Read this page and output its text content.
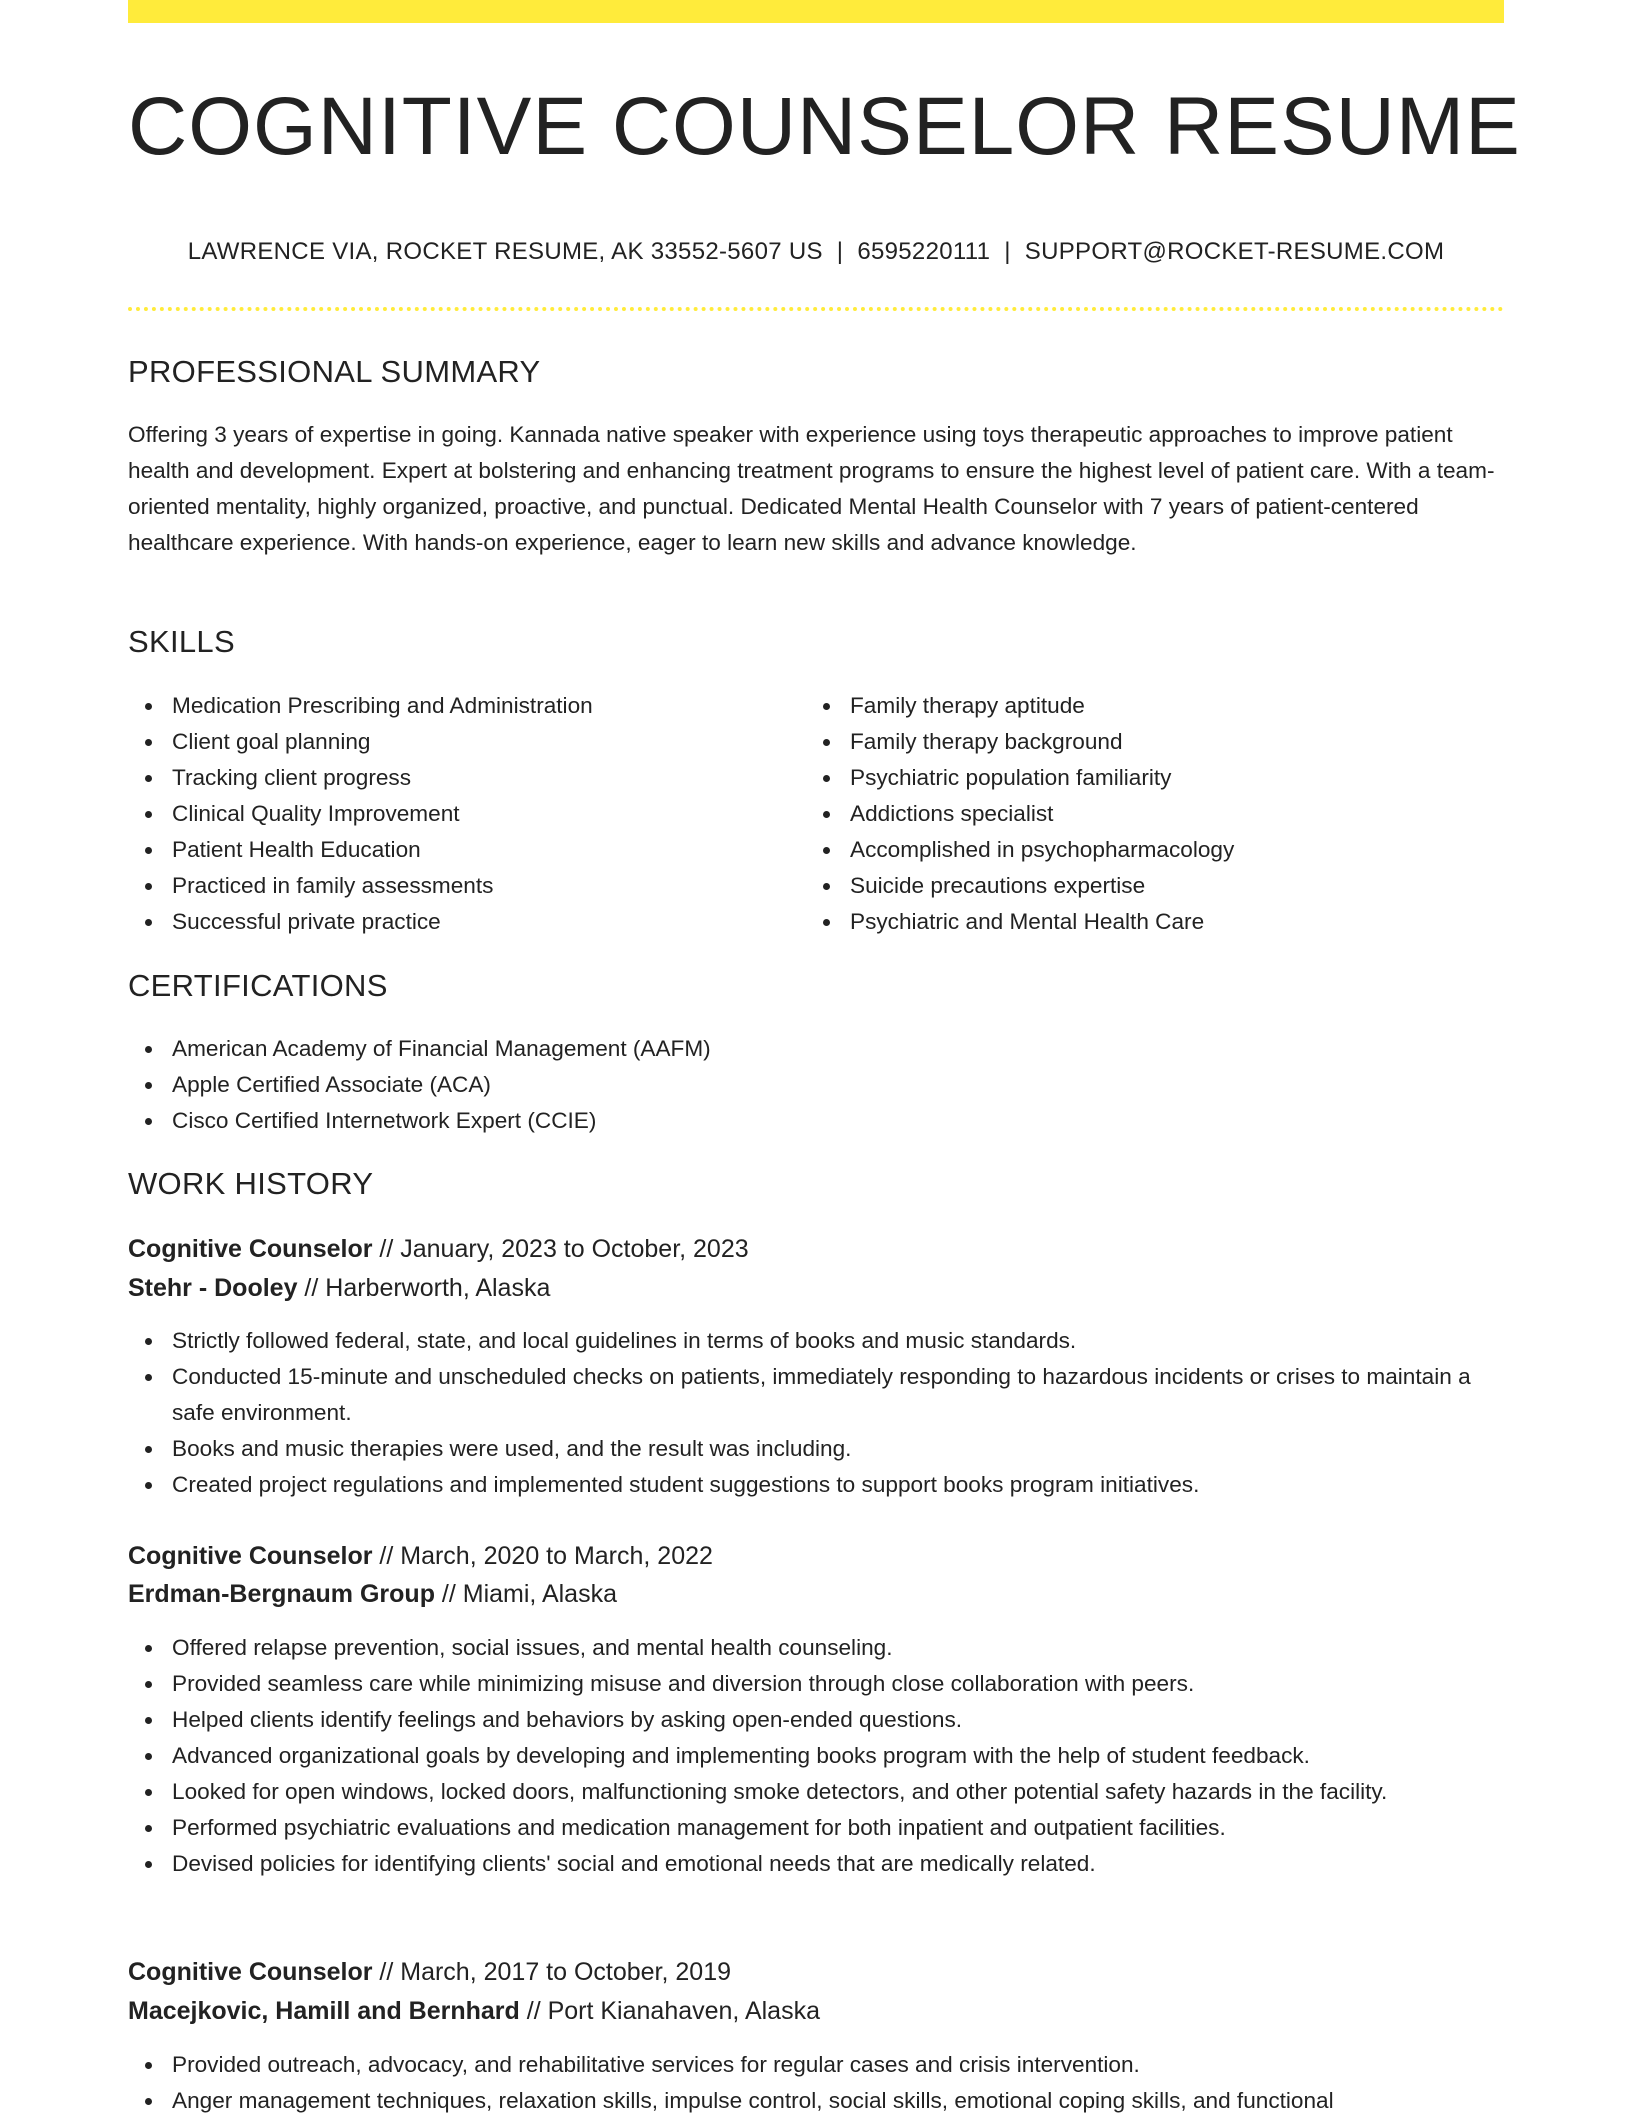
COGNITIVE COUNSELOR RESUME
LAWRENCE VIA, ROCKET RESUME, AK 33552-5607 US | 6595220111 | SUPPORT@ROCKET-RESUME.COM
PROFESSIONAL SUMMARY

Offering 3 years of expertise in going. Kannada native speaker with experience using toys therapeutic approaches to improve patient health and development. Expert at bolstering and enhancing treatment programs to ensure the highest level of patient care. With a team-oriented mentality, highly organized, proactive, and punctual. Dedicated Mental Health Counselor with 7 years of patient-centered healthcare experience. With hands-on experience, eager to learn new skills and advance knowledge.

SKILLS
Medication Prescribing and Administration
Client goal planning
Tracking client progress
Clinical Quality Improvement
Patient Health Education
Practiced in family assessments
Successful private practice
Family therapy aptitude
Family therapy background
Psychiatric population familiarity
Addictions specialist
Accomplished in psychopharmacology
Suicide precautions expertise
Psychiatric and Mental Health Care
CERTIFICATIONS
American Academy of Financial Management (AAFM)
Apple Certified Associate (ACA)
Cisco Certified Internetwork Expert (CCIE)
WORK HISTORY
Cognitive Counselor // January, 2023 to October, 2023
Stehr - Dooley // Harberworth, Alaska
Strictly followed federal, state, and local guidelines in terms of books and music standards.
Conducted 15-minute and unscheduled checks on patients, immediately responding to hazardous incidents or crises to maintain a safe environment.
Books and music therapies were used, and the result was including.
Created project regulations and implemented student suggestions to support books program initiatives.
Cognitive Counselor // March, 2020 to March, 2022
Erdman-Bergnaum Group // Miami, Alaska
Offered relapse prevention, social issues, and mental health counseling.
Provided seamless care while minimizing misuse and diversion through close collaboration with peers.
Helped clients identify feelings and behaviors by asking open-ended questions.
Advanced organizational goals by developing and implementing books program with the help of student feedback.
Looked for open windows, locked doors, malfunctioning smoke detectors, and other potential safety hazards in the facility.
Performed psychiatric evaluations and medication management for both inpatient and outpatient facilities.
Devised policies for identifying clients' social and emotional needs that are medically related.
Cognitive Counselor // March, 2017 to October, 2019
Macejkovic, Hamill and Bernhard // Port Kianahaven, Alaska
Provided outreach, advocacy, and rehabilitative services for regular cases and crisis intervention.
Anger management techniques, relaxation skills, impulse control, social skills, emotional coping skills, and functional
